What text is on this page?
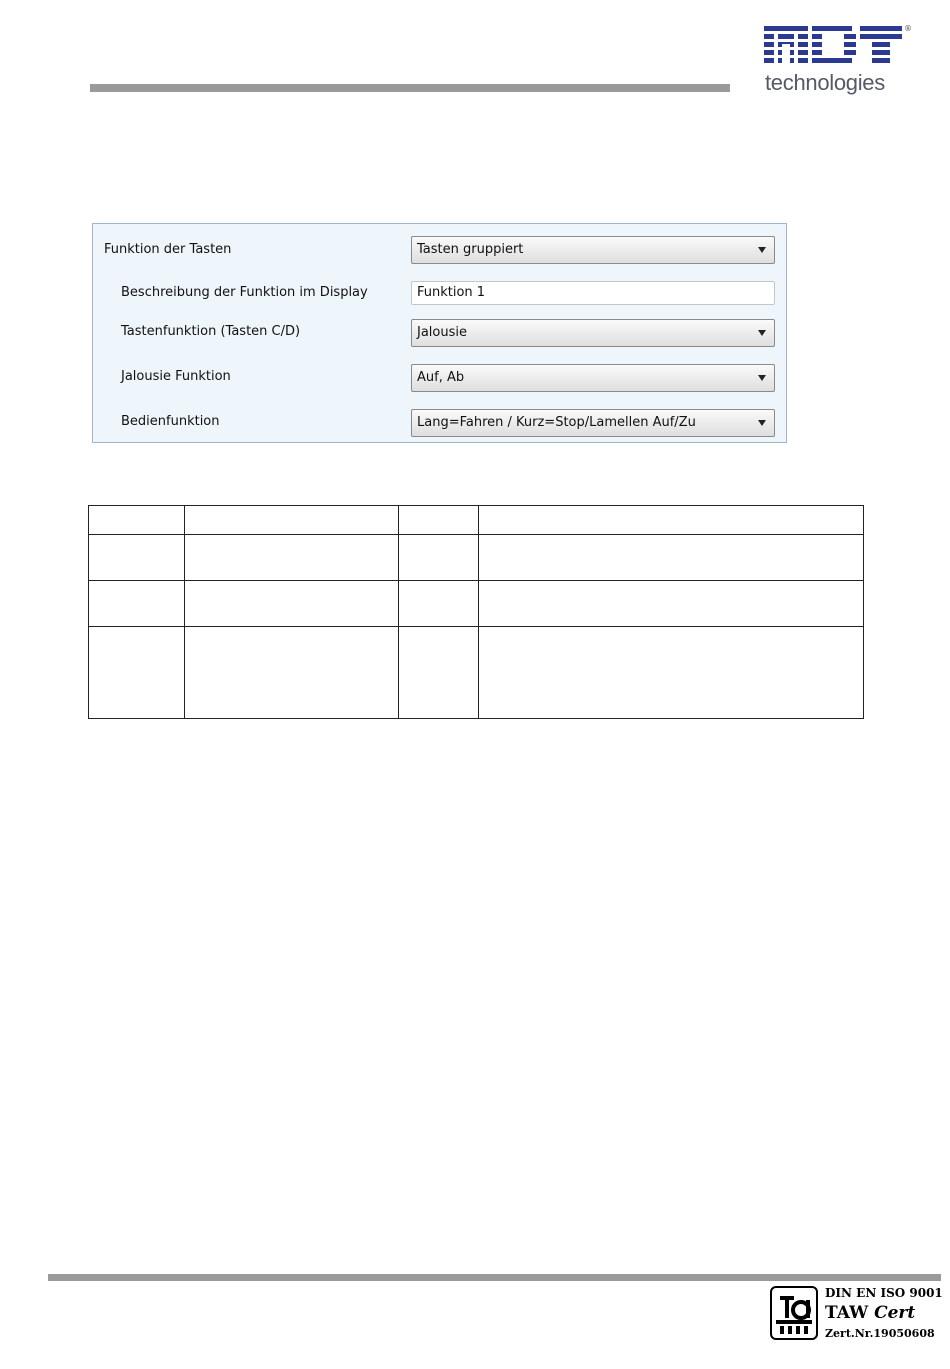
®
technologies
Funktion der Tasten	Tasten gruppiert
Beschreibung der Funktion im Display	Funktion 1
Tastenfunktion (Tasten C/D)	Jalousie
Jalousie Funktion	Auf, Ab
Bedienfunktion	Lang=Fahren / Kurz=Stop/Lamellen Auf/Zu

DIN EN ISO 9001
TAW Cert
Zert.Nr.19050608
